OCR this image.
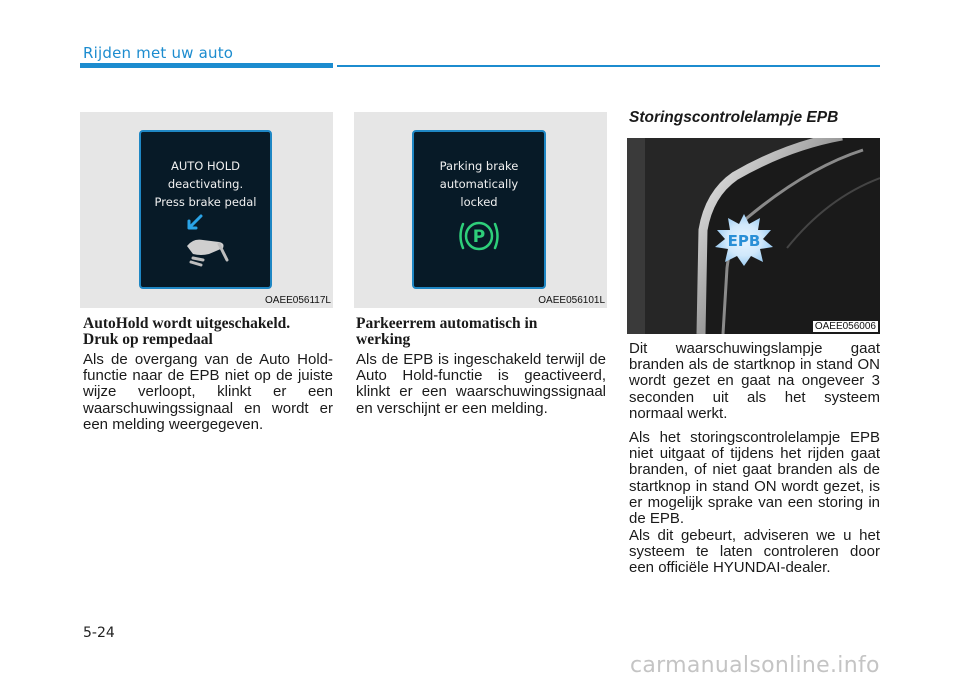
Rijden met uw auto
AUTO HOLD
deactivating.
Press brake pedal
OAEE056117L
Parking brake
automatically
locked
P
OAEE056101L
AutoHold wordt uitgeschakeld.
Druk op rempedaal

Als de overgang van de Auto Hold-functie naar de EPB niet op de juiste wijze verloopt, klinkt er een waarschuwingssignaal en wordt er een melding weergegeven.

Parkeerrem automatisch in
werking

Als de EPB is ingeschakeld terwijl de Auto Hold-functie is geactiveerd, klinkt er een waarschuwingssignaal en verschijnt er een melding.

Storingscontrolelampje EPB
EPB
OAEE056006

Dit waarschuwingslampje gaat branden als de startknop in stand ON wordt gezet en gaat na ongeveer 3 seconden uit als het systeem normaal werkt.

Als het storingscontrolelampje EPB niet uitgaat of tijdens het rijden gaat branden, of niet gaat branden als de startknop in stand ON wordt gezet, is er mogelijk sprake van een storing in de EPB.

Als dit gebeurt, adviseren we u het systeem te laten controleren door een officiële HYUNDAI-dealer.

5-24
carmanualsonline.info
